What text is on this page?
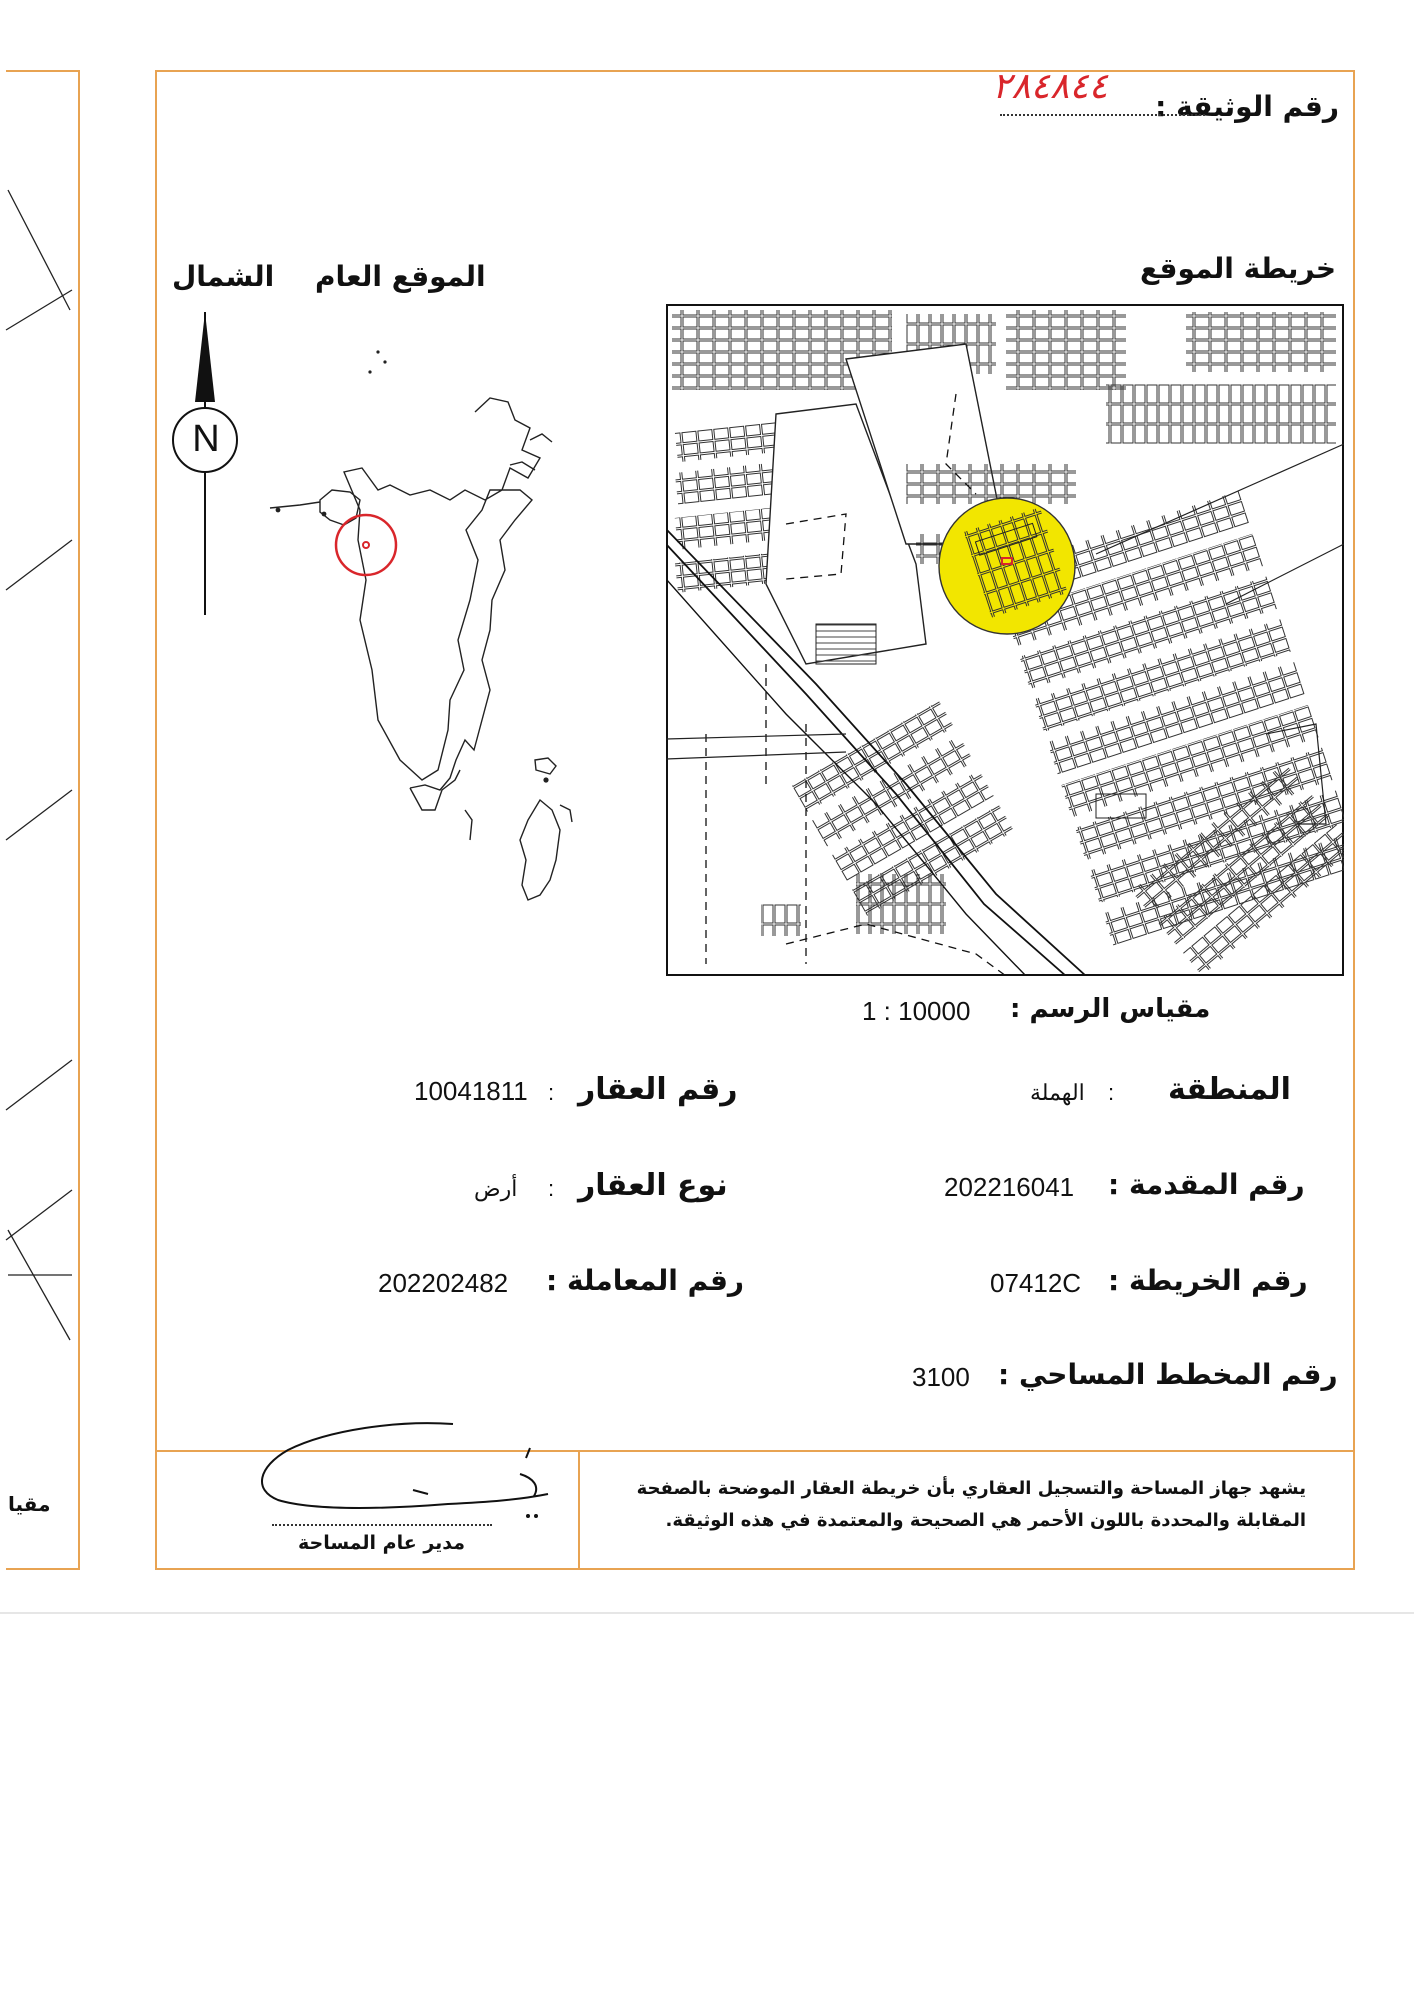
مقيا
رقم الوثيقة :
٢٨٤٨٤٤
خريطة الموقع
الموقع العام
الشمال
N
مقياس الرسم :
1 : 10000
المنطقة
:
الهملة
رقم المقدمة :
202216041
رقم الخريطة :
07412C
رقم المخطط المساحي :
3100
رقم العقار
:
10041811
نوع العقار
:
أرض
رقم المعاملة :
202202482
يشهد جهاز المساحة والتسجيل العقاري بأن خريطة العقار الموضحة بالصفحة
المقابلة والمحددة باللون الأحمر هي الصحيحة والمعتمدة في هذه الوثيقة.
مدير عام المساحة
